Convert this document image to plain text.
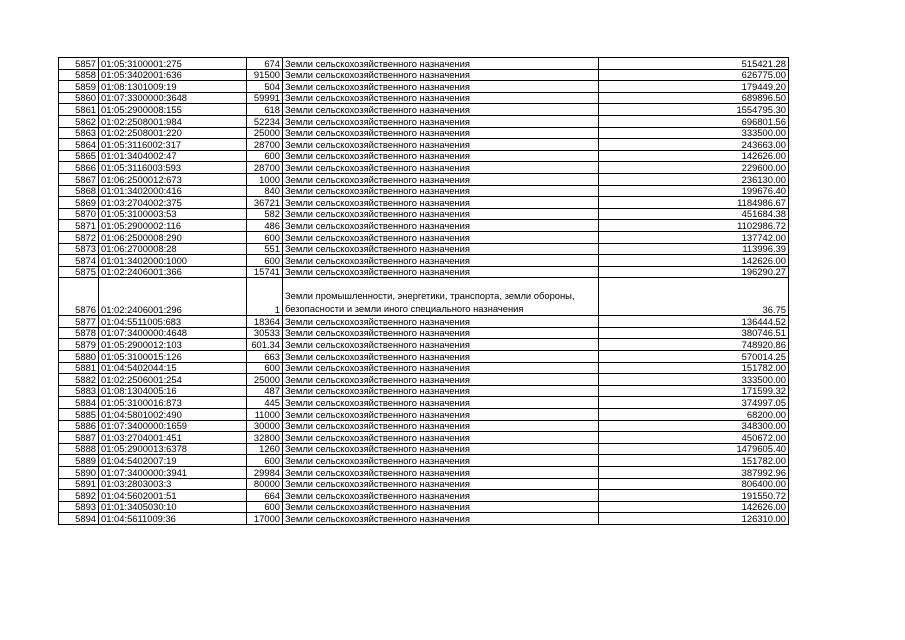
5857	01:05:3100001:275	674	Земли сельскохозяйственного назначения	515421.28
5858	01:05:3402001:636	91500	Земли сельскохозяйственного назначения	626775.00
5859	01:08:1301009:19	504	Земли сельскохозяйственного назначения	179449.20
5860	01:07:3300000:3648	59991	Земли сельскохозяйственного назначения	689896.50
5861	01:05:2900008:155	618	Земли сельскохозяйственного назначения	1554795.30
5862	01:02:2508001:984	52234	Земли сельскохозяйственного назначения	696801.56
5863	01:02:2508001:220	25000	Земли сельскохозяйственного назначения	333500.00
5864	01:05:3116002:317	28700	Земли сельскохозяйственного назначения	243663.00
5865	01:01:3404002:47	600	Земли сельскохозяйственного назначения	142626.00
5866	01:05:3116003:593	28700	Земли сельскохозяйственного назначения	229600.00
5867	01:06:2500012:673	1000	Земли сельскохозяйственного назначения	236130.00
5868	01:01:3402000:416	840	Земли сельскохозяйственного назначения	199676.40
5869	01:03:2704002:375	36721	Земли сельскохозяйственного назначения	1184986.67
5870	01:05:3100003:53	582	Земли сельскохозяйственного назначения	451684.38
5871	01:05:2900002:116	486	Земли сельскохозяйственного назначения	1102986.72
5872	01:06:2500008:290	600	Земли сельскохозяйственного назначения	137742.00
5873	01:06:2700008:28	551	Земли сельскохозяйственного назначения	113996.39
5874	01:01:3402000:1000	600	Земли сельскохозяйственного назначения	142626.00
5875	01:02:2406001:366	15741	Земли сельскохозяйственного назначения	196290.27
5876	01:02:2406001:296	1	Земли промышленности, энергетики, транспорта, земли обороны, безопасности и земли иного специального назначения	36.75
5877	01:04:5511005:683	18364	Земли сельскохозяйственного назначения	136444.52
5878	01:07:3400000:4648	30533	Земли сельскохозяйственного назначения	380746.51
5879	01:05:2900012:103	601.34	Земли сельскохозяйственного назначения	748920.86
5880	01:05:3100015:126	663	Земли сельскохозяйственного назначения	570014.25
5881	01:04:5402044:15	600	Земли сельскохозяйственного назначения	151782.00
5882	01:02:2506001:254	25000	Земли сельскохозяйственного назначения	333500.00
5883	01:08:1304005:16	487	Земли сельскохозяйственного назначения	171599.32
5884	01:05:3100016:873	445	Земли сельскохозяйственного назначения	374997.05
5885	01:04:5801002:490	11000	Земли сельскохозяйственного назначения	68200.00
5886	01:07:3400000:1659	30000	Земли сельскохозяйственного назначения	348300.00
5887	01:03:2704001:451	32800	Земли сельскохозяйственного назначения	450672.00
5888	01:05:2900013:6378	1260	Земли сельскохозяйственного назначения	1479605.40
5889	01:04:5402007:19	600	Земли сельскохозяйственного назначения	151782.00
5890	01:07:3400000:3941	29984	Земли сельскохозяйственного назначения	387992.96
5891	01:03:2803003:3	80000	Земли сельскохозяйственного назначения	806400.00
5892	01:04:5602001:51	664	Земли сельскохозяйственного назначения	191550.72
5893	01:01:3405030:10	600	Земли сельскохозяйственного назначения	142626.00
5894	01:04:5611009:36	17000	Земли сельскохозяйственного назначения	126310.00
